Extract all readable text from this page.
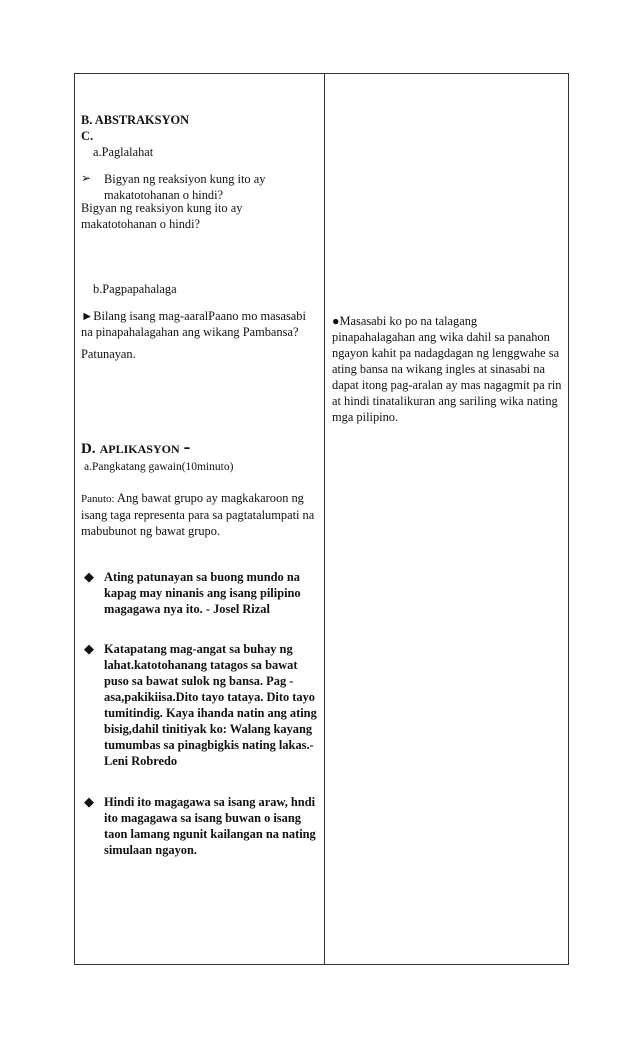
B. ABSTRAKSYON
C.
a.Paglalahat
➢ Bigyan ng reaksiyon kung ito ay
makatotohanan o hindi?
Bigyan ng reaksiyon kung ito ay
makatotohanan o hindi?
b.Pagpapahalaga
►Bilang isang mag-aaralPaano mo masasabi
na pinapahalagahan ang wikang Pambansa?
Patunayan.
●Masasabi ko po na talagang
pinapahalagahan ang wika dahil sa panahon
ngayon kahit pa nadagdagan ng lenggwahe sa
ating bansa na wikang ingles at sinasabi na
dapat itong pag-aralan ay mas nagagmit pa rin
at hindi tinatalikuran ang sariling wika nating
mga pilipino.
D. APLIKASYON -
a.Pangkatang gawain(10minuto)
Panuto: Ang bawat grupo ay magkakaroon ng
isang taga representa para sa pagtatalumpati na
mabubunot ng bawat grupo.
◆ Ating patunayan sa buong mundo na
kapag may ninanis ang isang pilipino
magagawa nya ito. - Josel Rizal
◆ Katapatang mag-angat sa buhay ng
lahat.katotohanang tatagos sa bawat
puso sa bawat sulok ng bansa. Pag -
asa,pakikiisa.Dito tayo tataya. Dito tayo
tumitindig. Kaya ihanda natin ang ating
bisig,dahil tinitiyak ko: Walang kayang
tumumbas sa pinagbigkis nating lakas.-
Leni Robredo
◆ Hindi ito magagawa sa isang araw, hndi
ito magagawa sa isang buwan o isang
taon lamang ngunit kailangan na nating
simulaan ngayon.
